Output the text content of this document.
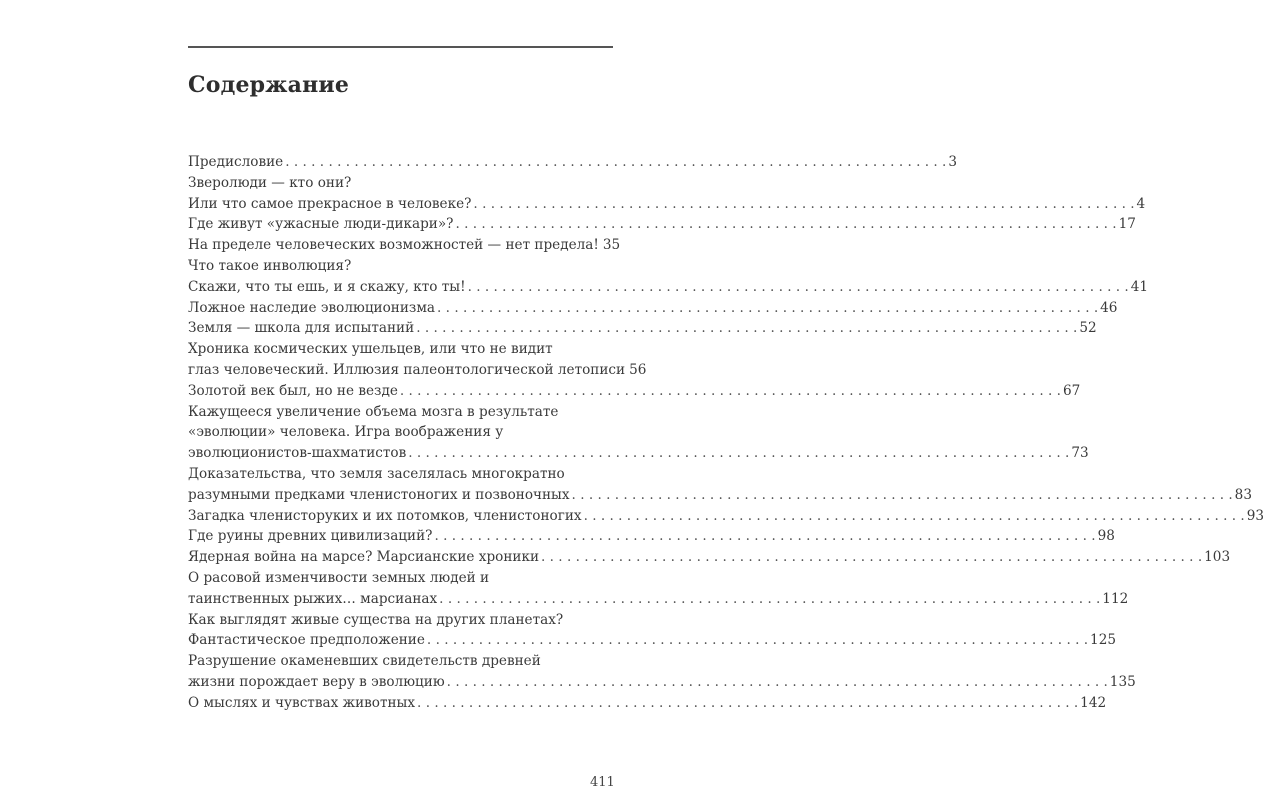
Содержание
Предисловие . . .	3
Зверолюди — кто они?
Или что самое прекрасное в человеке? . . .	4
Где живут «ужасные люди-дикари»? . . .	17
На пределе человеческих возможностей — нет предела! 35
Что такое инволюция?
Скажи, что ты ешь, и я скажу, кто ты! . . .	41
Ложное наследие эволюционизма . . .	46
Земля — школа для испытаний . . .	52
Хроника космических ушельцев, или что не видит
глаз человеческий. Иллюзия палеонтологической летописи 56
Золотой век был, но не везде . . .	67
Кажущееся увеличение объема мозга в результате
«эволюции» человека. Игра воображения у
эволюционистов-шахматистов . . .	73
Доказательства, что земля заселялась многократно
разумными предками членистоногих и позвоночных . . .	83
Загадка членисторуких и их потомков, членистоногих . . .	93
Где руины древних цивилизаций? . . .	98
Ядерная война на марсе? Марсианские хроники . . .	103
О расовой изменчивости земных людей и
таинственных рыжих… марсианах . . .	112
Как выглядят живые существа на других планетах?
Фантастическое предположение . . .	125
Разрушение окаменевших свидетельств древней
жизни порождает веру в эволюцию . . .	135
О мыслях и чувствах животных . . .	142
411
